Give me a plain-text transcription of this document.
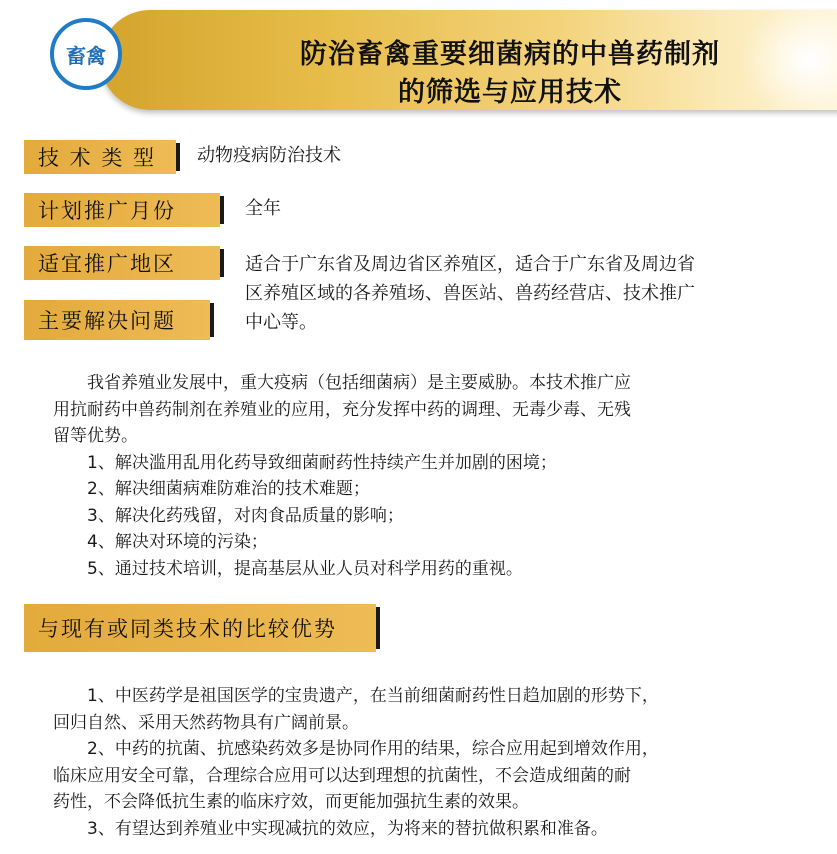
防治畜禽重要细菌病的中兽药制剂
的筛选与应用技术
畜禽
技 术 类 型 动物疫病防治技术
计划推广月份	全年
适宜推广地区	适合于广东省及周边省区养殖区，适合于广东省及周边省
区养殖区域的各养殖场、兽医站、兽药经营店、技术推广
中心等。
主要解决问题

我省养殖业发展中，重大疫病（包括细菌病）是主要威胁。本技术推广应

用抗耐药中兽药制剂在养殖业的应用，充分发挥中药的调理、无毒少毒、无残

留等优势。

1、解决滥用乱用化药导致细菌耐药性持续产生并加剧的困境；

2、解决细菌病难防难治的技术难题；

3、解决化药残留，对肉食品质量的影响；

4、解决对环境的污染；

5、通过技术培训，提高基层从业人员对科学用药的重视。

与现有或同类技术的比较优势

1、中医药学是祖国医学的宝贵遗产，在当前细菌耐药性日趋加剧的形势下，

回归自然、采用天然药物具有广阔前景。

2、中药的抗菌、抗感染药效多是协同作用的结果，综合应用起到增效作用，

临床应用安全可靠，合理综合应用可以达到理想的抗菌性，不会造成细菌的耐

药性，不会降低抗生素的临床疗效，而更能加强抗生素的效果。

3、有望达到养殖业中实现减抗的效应，为将来的替抗做积累和准备。
